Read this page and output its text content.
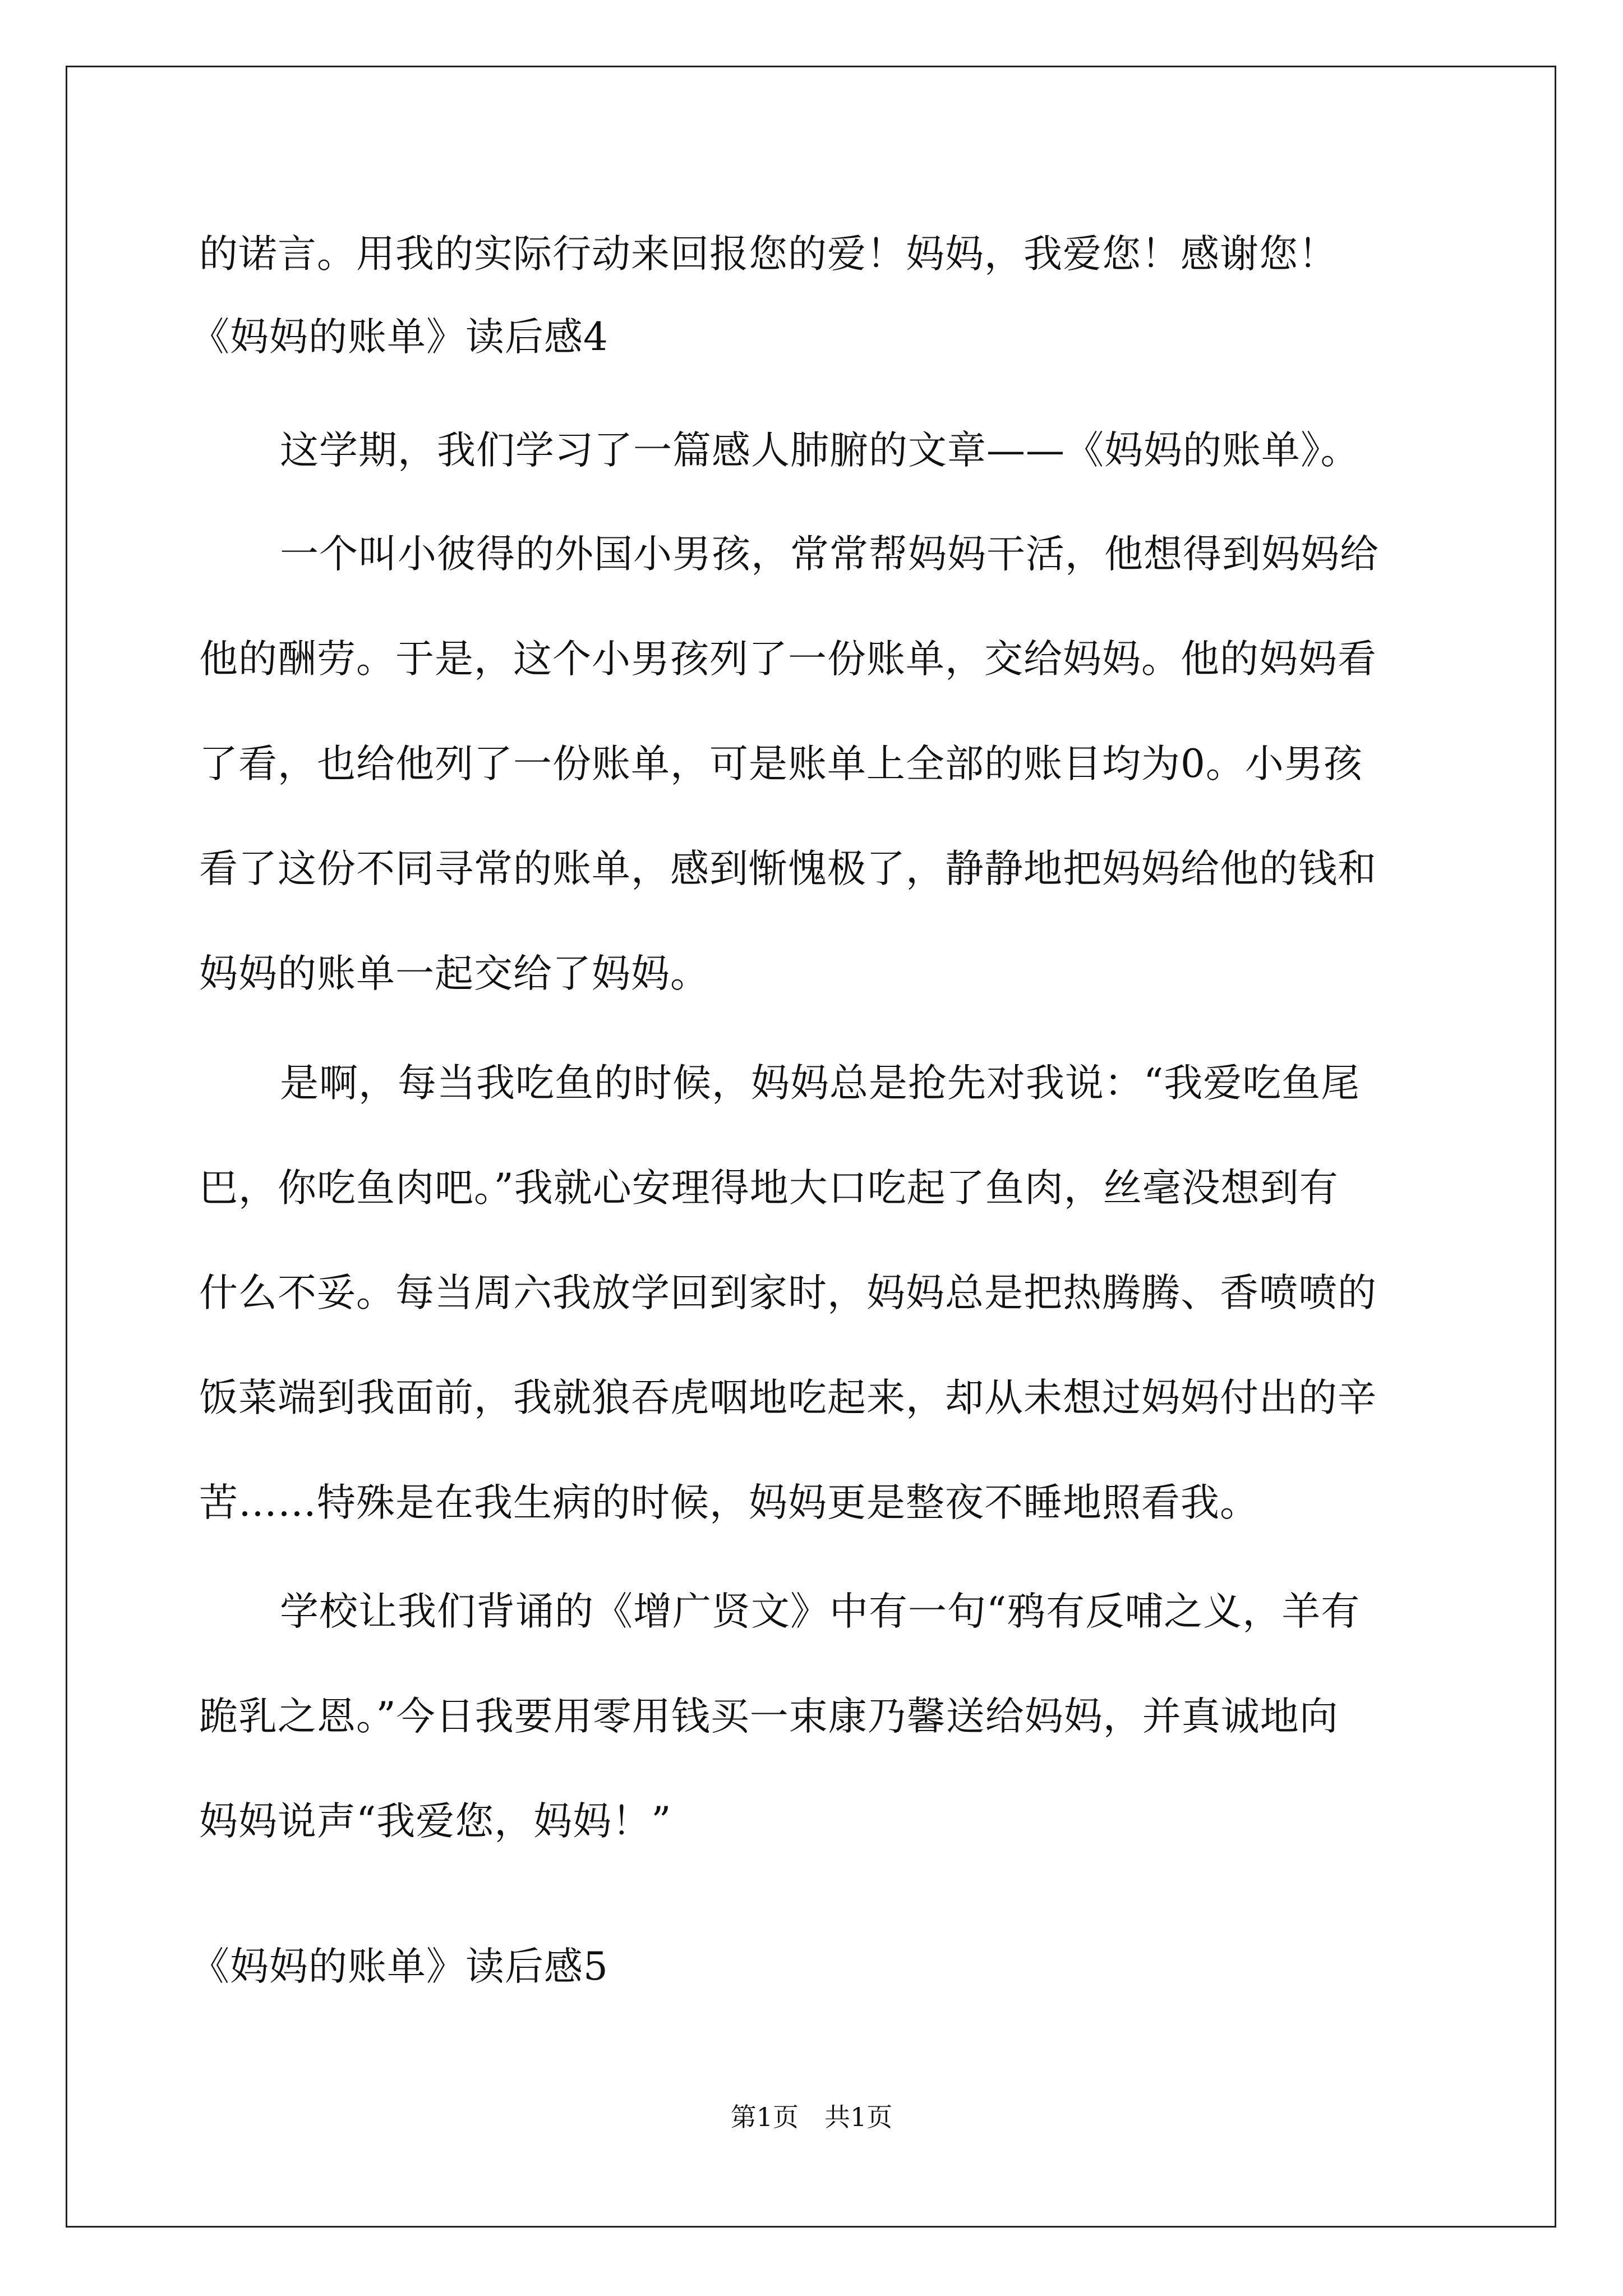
的诺言。用我的实际行动来回报您的爱！妈妈，我爱您！感谢您！
《妈妈的账单》读后感4
这学期，我们学习了一篇感人肺腑的文章——《妈妈的账单》。
一个叫小彼得的外国小男孩，常常帮妈妈干活，他想得到妈妈给
他的酬劳。于是，这个小男孩列了一份账单，交给妈妈。他的妈妈看
了看，也给他列了一份账单，可是账单上全部的账目均为0。小男孩
看了这份不同寻常的账单，感到惭愧极了，静静地把妈妈给他的钱和
妈妈的账单一起交给了妈妈。
是啊，每当我吃鱼的时候，妈妈总是抢先对我说：“我爱吃鱼尾
巴，你吃鱼肉吧。”我就心安理得地大口吃起了鱼肉，丝毫没想到有
什么不妥。每当周六我放学回到家时，妈妈总是把热腾腾、香喷喷的
饭菜端到我面前，我就狼吞虎咽地吃起来，却从未想过妈妈付出的辛
苦……特殊是在我生病的时候，妈妈更是整夜不睡地照看我。
学校让我们背诵的《增广贤文》中有一句“鸦有反哺之义，羊有
跪乳之恩。”今日我要用零用钱买一束康乃馨送给妈妈，并真诚地向
妈妈说声“我爱您，妈妈！”
《妈妈的账单》读后感5
第1页　共1页
